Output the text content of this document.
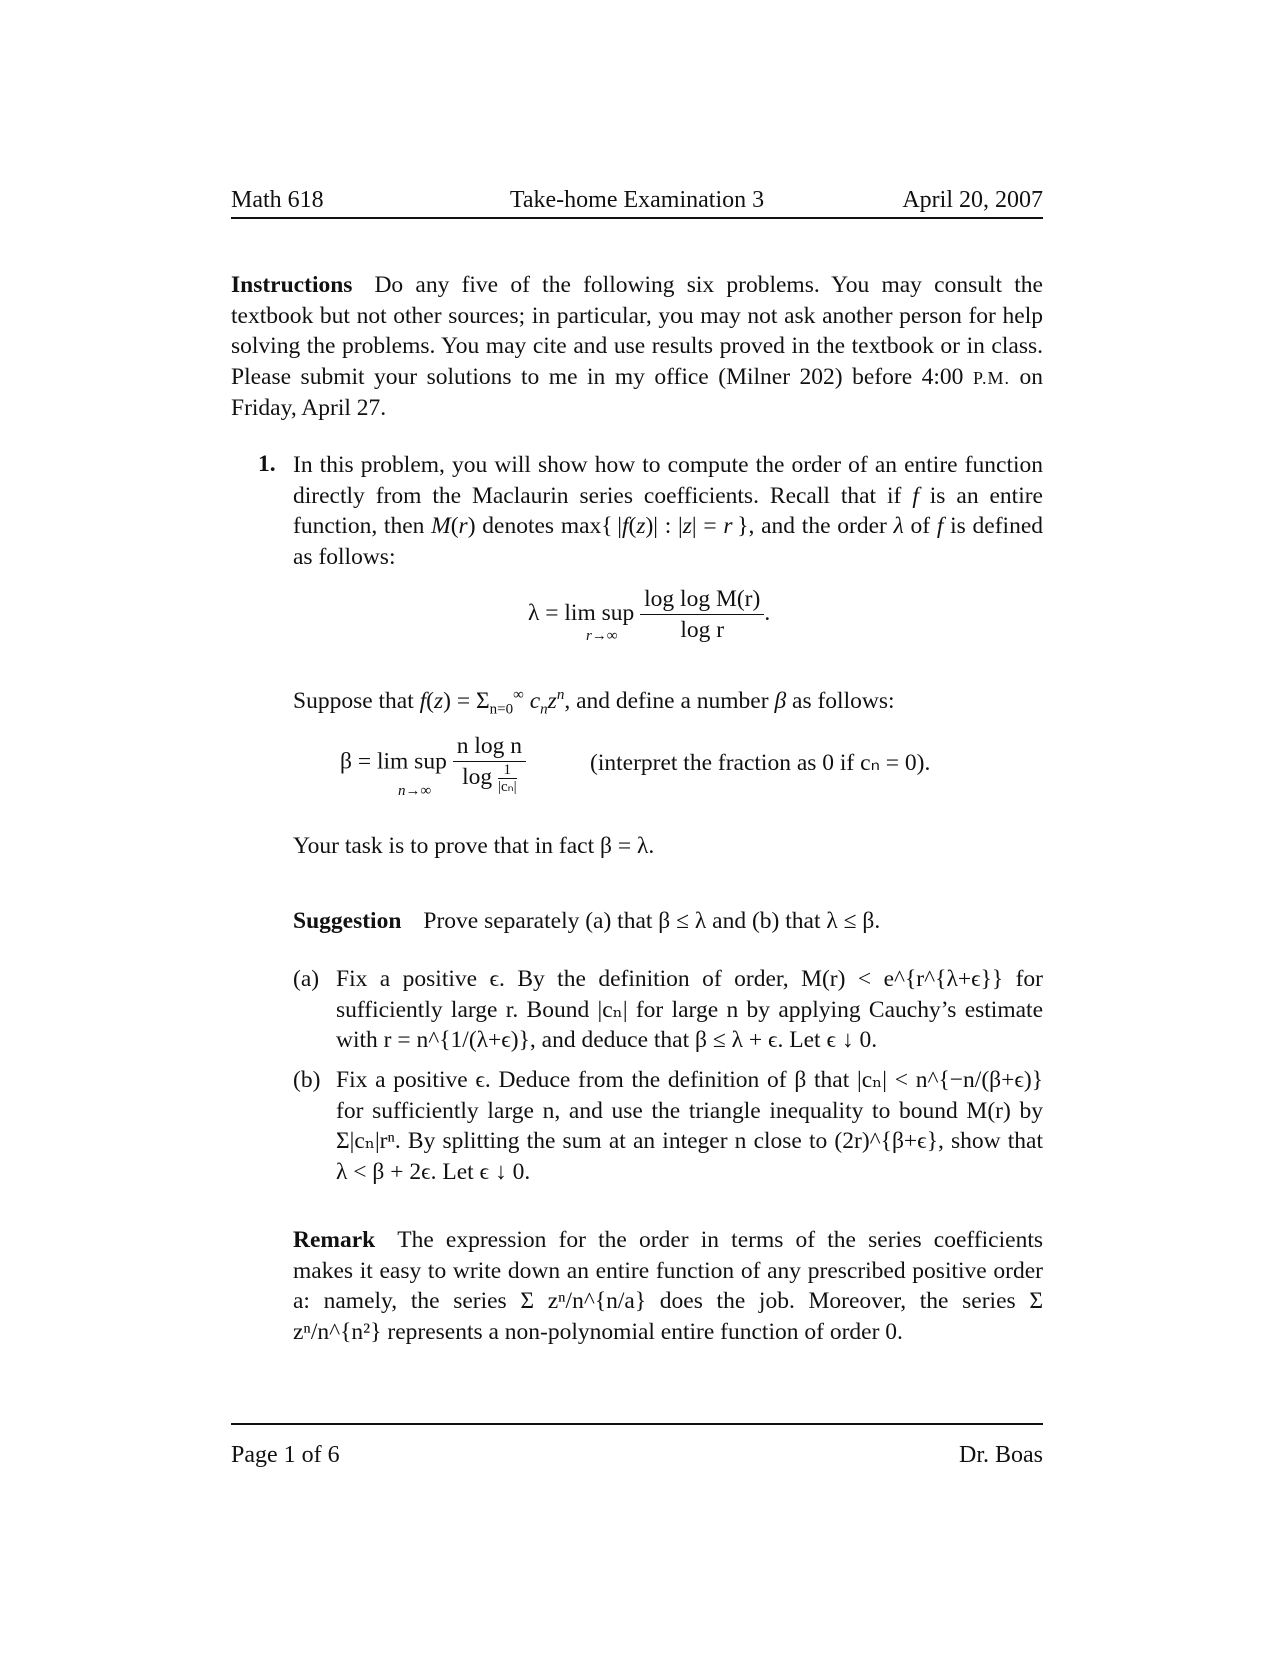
Math 618	Take-home Examination 3	April 20, 2007

Instructions Do any five of the following six problems. You may consult the textbook but not other sources; in particular, you may not ask another person for help solving the problems. You may cite and use results proved in the textbook or in class. Please submit your solutions to me in my office (Milner 202) before 4:00 P.M. on Friday, April 27.

1. In this problem, you will show how to compute the order of an entire function directly from the Maclaurin series coefficients. Recall that if f is an entire function, then M(r) denotes max{ |f(z)| : |z| = r }, and the order λ of f is defined as follows:

λ = lim sup $\frac{\text{log log M(r)}}{\text{log r}}$ .
r→∞

Suppose that $f(z) = \Sigma_{n=0}^\infty$ $c_nz^n$, and define a number β as follows:

β = lim sup $\frac{\text{n log n}}{\log \frac{1}{\text{|cₙ|}}}$
n→∞
(interpret the fraction as 0 if cₙ = 0).

Your task is to prove that in fact β = λ.

Suggestion Prove separately (a) that β ≤ λ and (b) that λ ≤ β.

(a) Fix a positive ϵ. By the definition of order, M(r) < e^{r^{λ+ϵ}} for sufficiently large r. Bound |cₙ| for large n by applying Cauchy’s estimate with r = n^{1/(λ+ϵ)}, and deduce that β ≤ λ + ϵ. Let ϵ ↓ 0.
(b) Fix a positive ϵ. Deduce from the definition of β that |cₙ| < n^{−n/(β+ϵ)} for sufficiently large n, and use the triangle inequality to bound M(r) by Σ|cₙ|rⁿ. By splitting the sum at an integer n close to (2r)^{β+ϵ}, show that λ < β + 2ϵ. Let ϵ ↓ 0.

Remark The expression for the order in terms of the series coefficients makes it easy to write down an entire function of any prescribed positive order a: namely, the series Σ zⁿ/n^{n/a} does the job. Moreover, the series Σ zⁿ/n^{n²} represents a non-polynomial entire function of order 0.

Page 1 of 6	Dr. Boas
